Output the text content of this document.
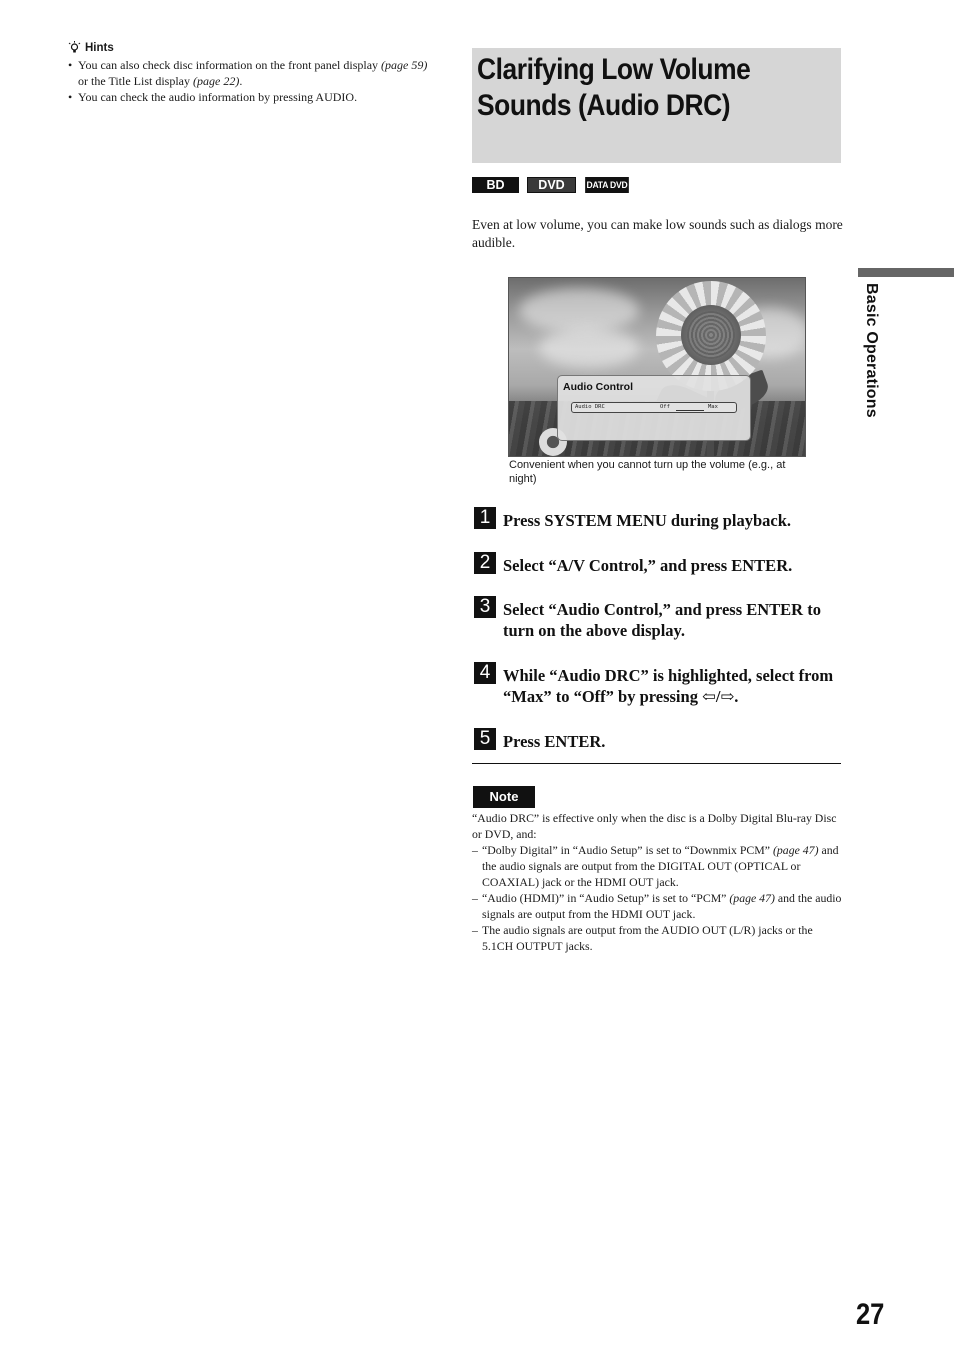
Hints
• You can also check disc information on the front panel display (page 59) or the Title List display (page 22).
• You can check the audio information by pressing AUDIO.
Clarifying Low Volume
Sounds (Audio DRC)
BD	DVD	DATA DVD

Even at low volume, you can make low sounds such as dialogs more audible.

Audio Control
Audio DRC	Off	Max

Convenient when you cannot turn up the volume (e.g., at night)

1 Press SYSTEM MENU during playback.
2 Select “A/V Control,” and press ENTER.
3 Select “Audio Control,” and press ENTER to turn on the above display.
4 While “Audio DRC” is highlighted, select from “Max” to “Off” by pressing ⇦/⇨.
5 Press ENTER.
Note

“Audio DRC” is effective only when the disc is a Dolby Digital Blu-ray Disc or DVD, and:

– “Dolby Digital” in “Audio Setup” is set to “Downmix PCM” (page 47) and the audio signals are output from the DIGITAL OUT (OPTICAL or COAXIAL) jack or the HDMI OUT jack.

– “Audio (HDMI)” in “Audio Setup” is set to “PCM” (page 47) and the audio signals are output from the HDMI OUT jack.

– The audio signals are output from the AUDIO OUT (L/R) jacks or the 5.1CH OUTPUT jacks.

Basic Operations
27
